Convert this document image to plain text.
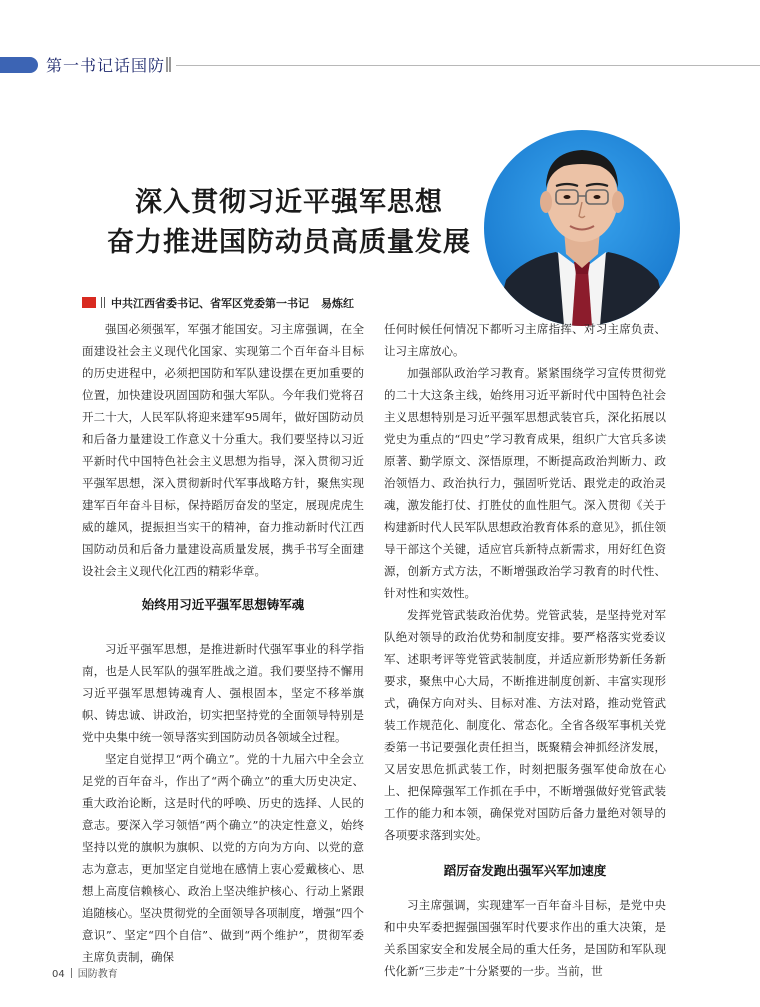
第一书记话国防
深入贯彻习近平强军思想
奋力推进国防动员高质量发展
中共江西省委书记、省军区党委第一书记 易炼红

强国必须强军，军强才能国安。习主席强调，在全面建设社会主义现代化国家、实现第二个百年奋斗目标的历史进程中，必须把国防和军队建设摆在更加重要的位置，加快建设巩固国防和强大军队。今年我们党将召开二十大，人民军队将迎来建军95周年，做好国防动员和后备力量建设工作意义十分重大。我们要坚持以习近平新时代中国特色社会主义思想为指导，深入贯彻习近平强军思想，深入贯彻新时代军事战略方针，聚焦实现建军百年奋斗目标，保持蹈厉奋发的坚定，展现虎虎生威的雄风，提振担当实干的精神，奋力推动新时代江西国防动员和后备力量建设高质量发展，携手书写全面建设社会主义现代化江西的精彩华章。

始终用习近平强军思想铸军魂

习近平强军思想，是推进新时代强军事业的科学指南，也是人民军队的强军胜战之道。我们要坚持不懈用习近平强军思想铸魂育人、强根固本，坚定不移举旗帜、铸忠诚、讲政治，切实把坚持党的全面领导特别是党中央集中统一领导落实到国防动员各领域全过程。

坚定自觉捍卫“两个确立”。党的十九届六中全会立足党的百年奋斗，作出了“两个确立”的重大历史决定、重大政治论断，这是时代的呼唤、历史的选择、人民的意志。要深入学习领悟“两个确立”的决定性意义，始终坚持以党的旗帜为旗帜、以党的方向为方向、以党的意志为意志，更加坚定自觉地在感情上衷心爱戴核心、思想上高度信赖核心、政治上坚决维护核心、行动上紧跟追随核心。坚决贯彻党的全面领导各项制度，增强“四个意识”、坚定“四个自信”、做到“两个维护”，贯彻军委主席负责制，确保

任何时候任何情况下都听习主席指挥、对习主席负责、让习主席放心。

加强部队政治学习教育。紧紧围绕学习宣传贯彻党的二十大这条主线，始终用习近平新时代中国特色社会主义思想特别是习近平强军思想武装官兵，深化拓展以党史为重点的“四史”学习教育成果，组织广大官兵多读原著、勤学原文、深悟原理，不断提高政治判断力、政治领悟力、政治执行力，强固听党话、跟党走的政治灵魂，激发能打仗、打胜仗的血性胆气。深入贯彻《关于构建新时代人民军队思想政治教育体系的意见》，抓住领导干部这个关键，适应官兵新特点新需求，用好红色资源，创新方式方法，不断增强政治学习教育的时代性、针对性和实效性。

发挥党管武装政治优势。党管武装，是坚持党对军队绝对领导的政治优势和制度安排。要严格落实党委议军、述职考评等党管武装制度，并适应新形势新任务新要求，聚焦中心大局，不断推进制度创新、丰富实现形式，确保方向对头、目标对准、方法对路，推动党管武装工作规范化、制度化、常态化。全省各级军事机关党委第一书记要强化责任担当，既聚精会神抓经济发展，又居安思危抓武装工作，时刻把服务强军使命放在心上、把保障强军工作抓在手中，不断增强做好党管武装工作的能力和本领，确保党对国防后备力量绝对领导的各项要求落到实处。

蹈厉奋发跑出强军兴军加速度

习主席强调，实现建军一百年奋斗目标，是党中央和中央军委把握强国强军时代要求作出的重大决策，是关系国家安全和发展全局的重大任务，是国防和军队现代化新“三步走”十分紧要的一步。当前，世

04 国防教育
